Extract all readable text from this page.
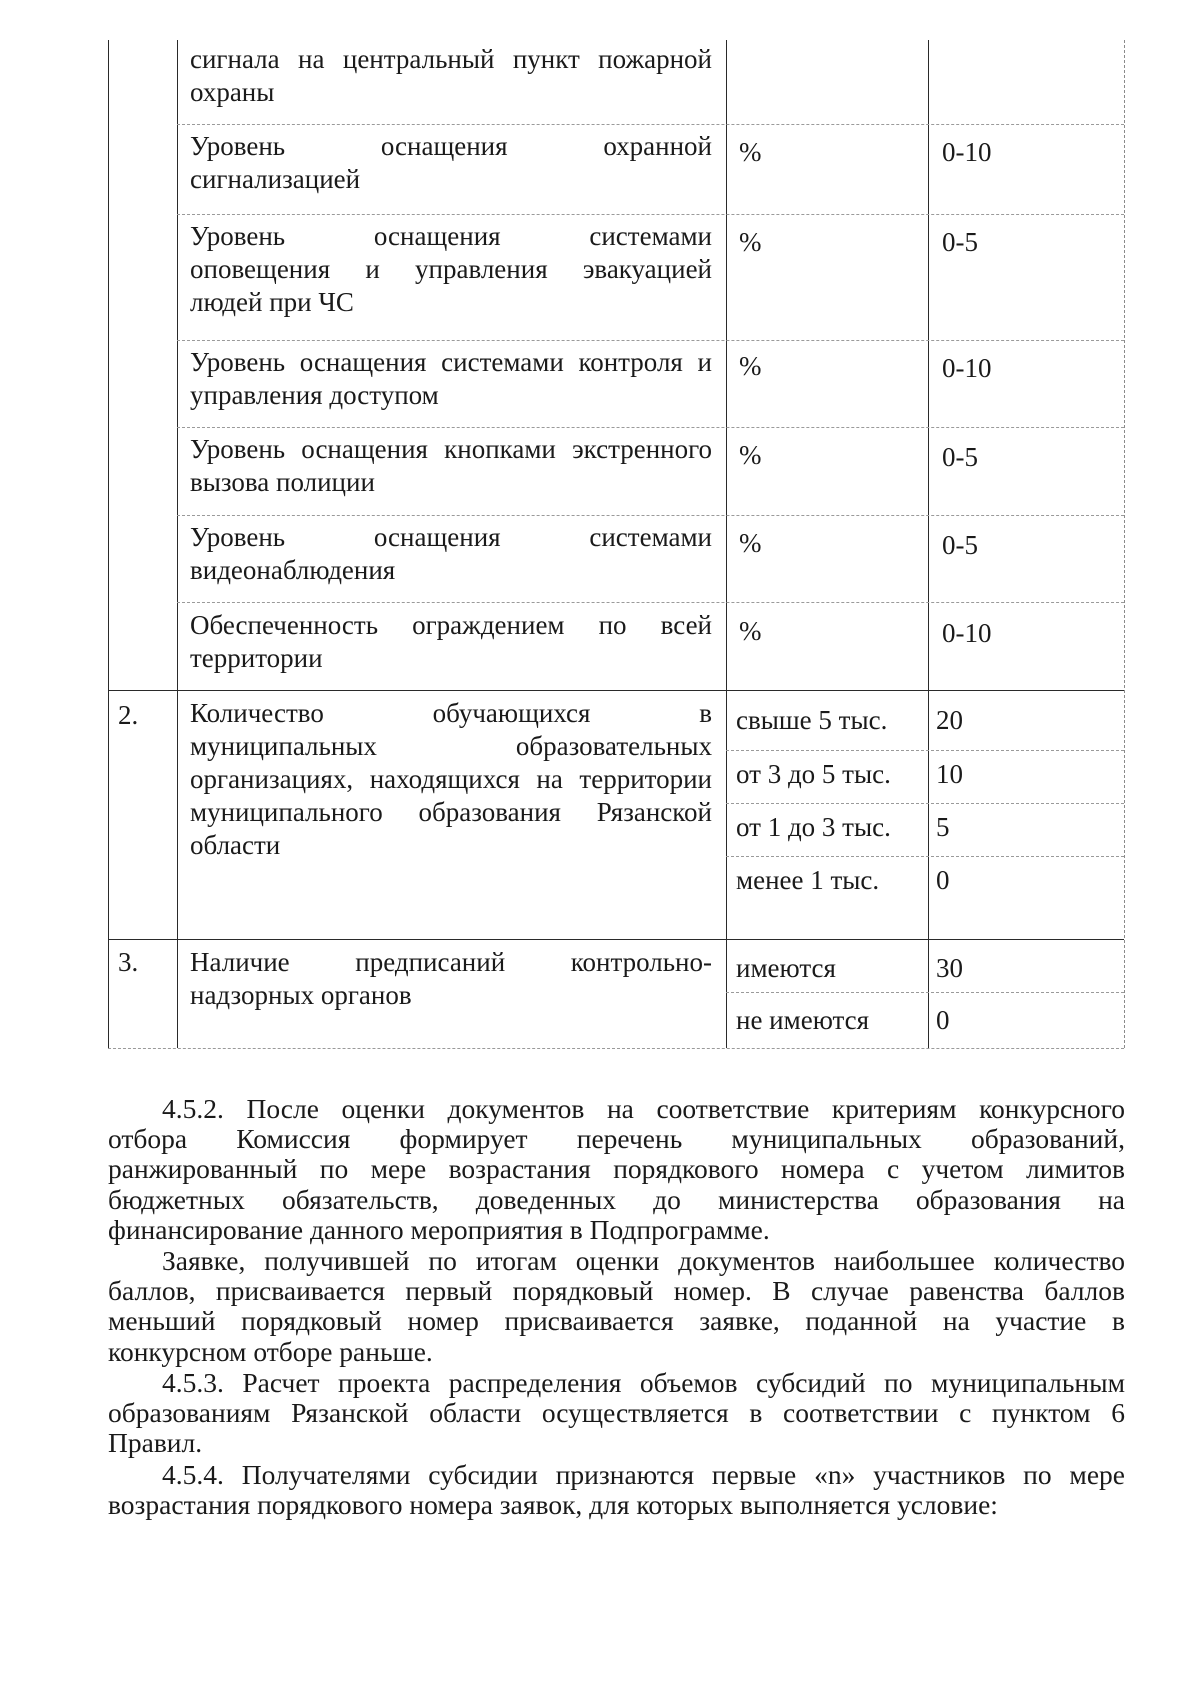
сигнала на центральный пункт пожарной
охраны
Уровень оснащения охранной
сигнализацией
%	0-10
Уровень оснащения системами
оповещения и управления эвакуацией
людей при ЧС
%	0-5
Уровень оснащения системами контроля и
управления доступом
%	0-10
Уровень оснащения кнопками экстренного
вызова полиции
%	0-5
Уровень оснащения системами
видеонаблюдения
%	0-5
Обеспеченность ограждением по всей
территории
%	0-10
2. Количество обучающихся в
муниципальных образовательных
организациях, находящихся на территории
муниципального образования Рязанской
области
свыше 5 тыс. 20
от 3 до 5 тыс. 10
от 1 до 3 тыс. 5
менее 1 тыс. 0
3. Наличие предписаний контрольно-
надзорных органов
имеются	30
не имеются 0
4.5.2. После оценки документов на соответствие критериям конкурсного
отбора Комиссия формирует перечень муниципальных образований,
ранжированный по мере возрастания порядкового номера с учетом лимитов
бюджетных обязательств, доведенных до министерства образования на
финансирование данного мероприятия в Подпрограмме.
Заявке, получившей по итогам оценки документов наибольшее количество
баллов, присваивается первый порядковый номер. В случае равенства баллов
меньший порядковый номер присваивается заявке, поданной на участие в
конкурсном отборе раньше.
4.5.3. Расчет проекта распределения объемов субсидий по муниципальным
образованиям Рязанской области осуществляется в соответствии с пунктом 6
Правил.
4.5.4. Получателями субсидии признаются первые «n» участников по мере
возрастания порядкового номера заявок, для которых выполняется условие:
